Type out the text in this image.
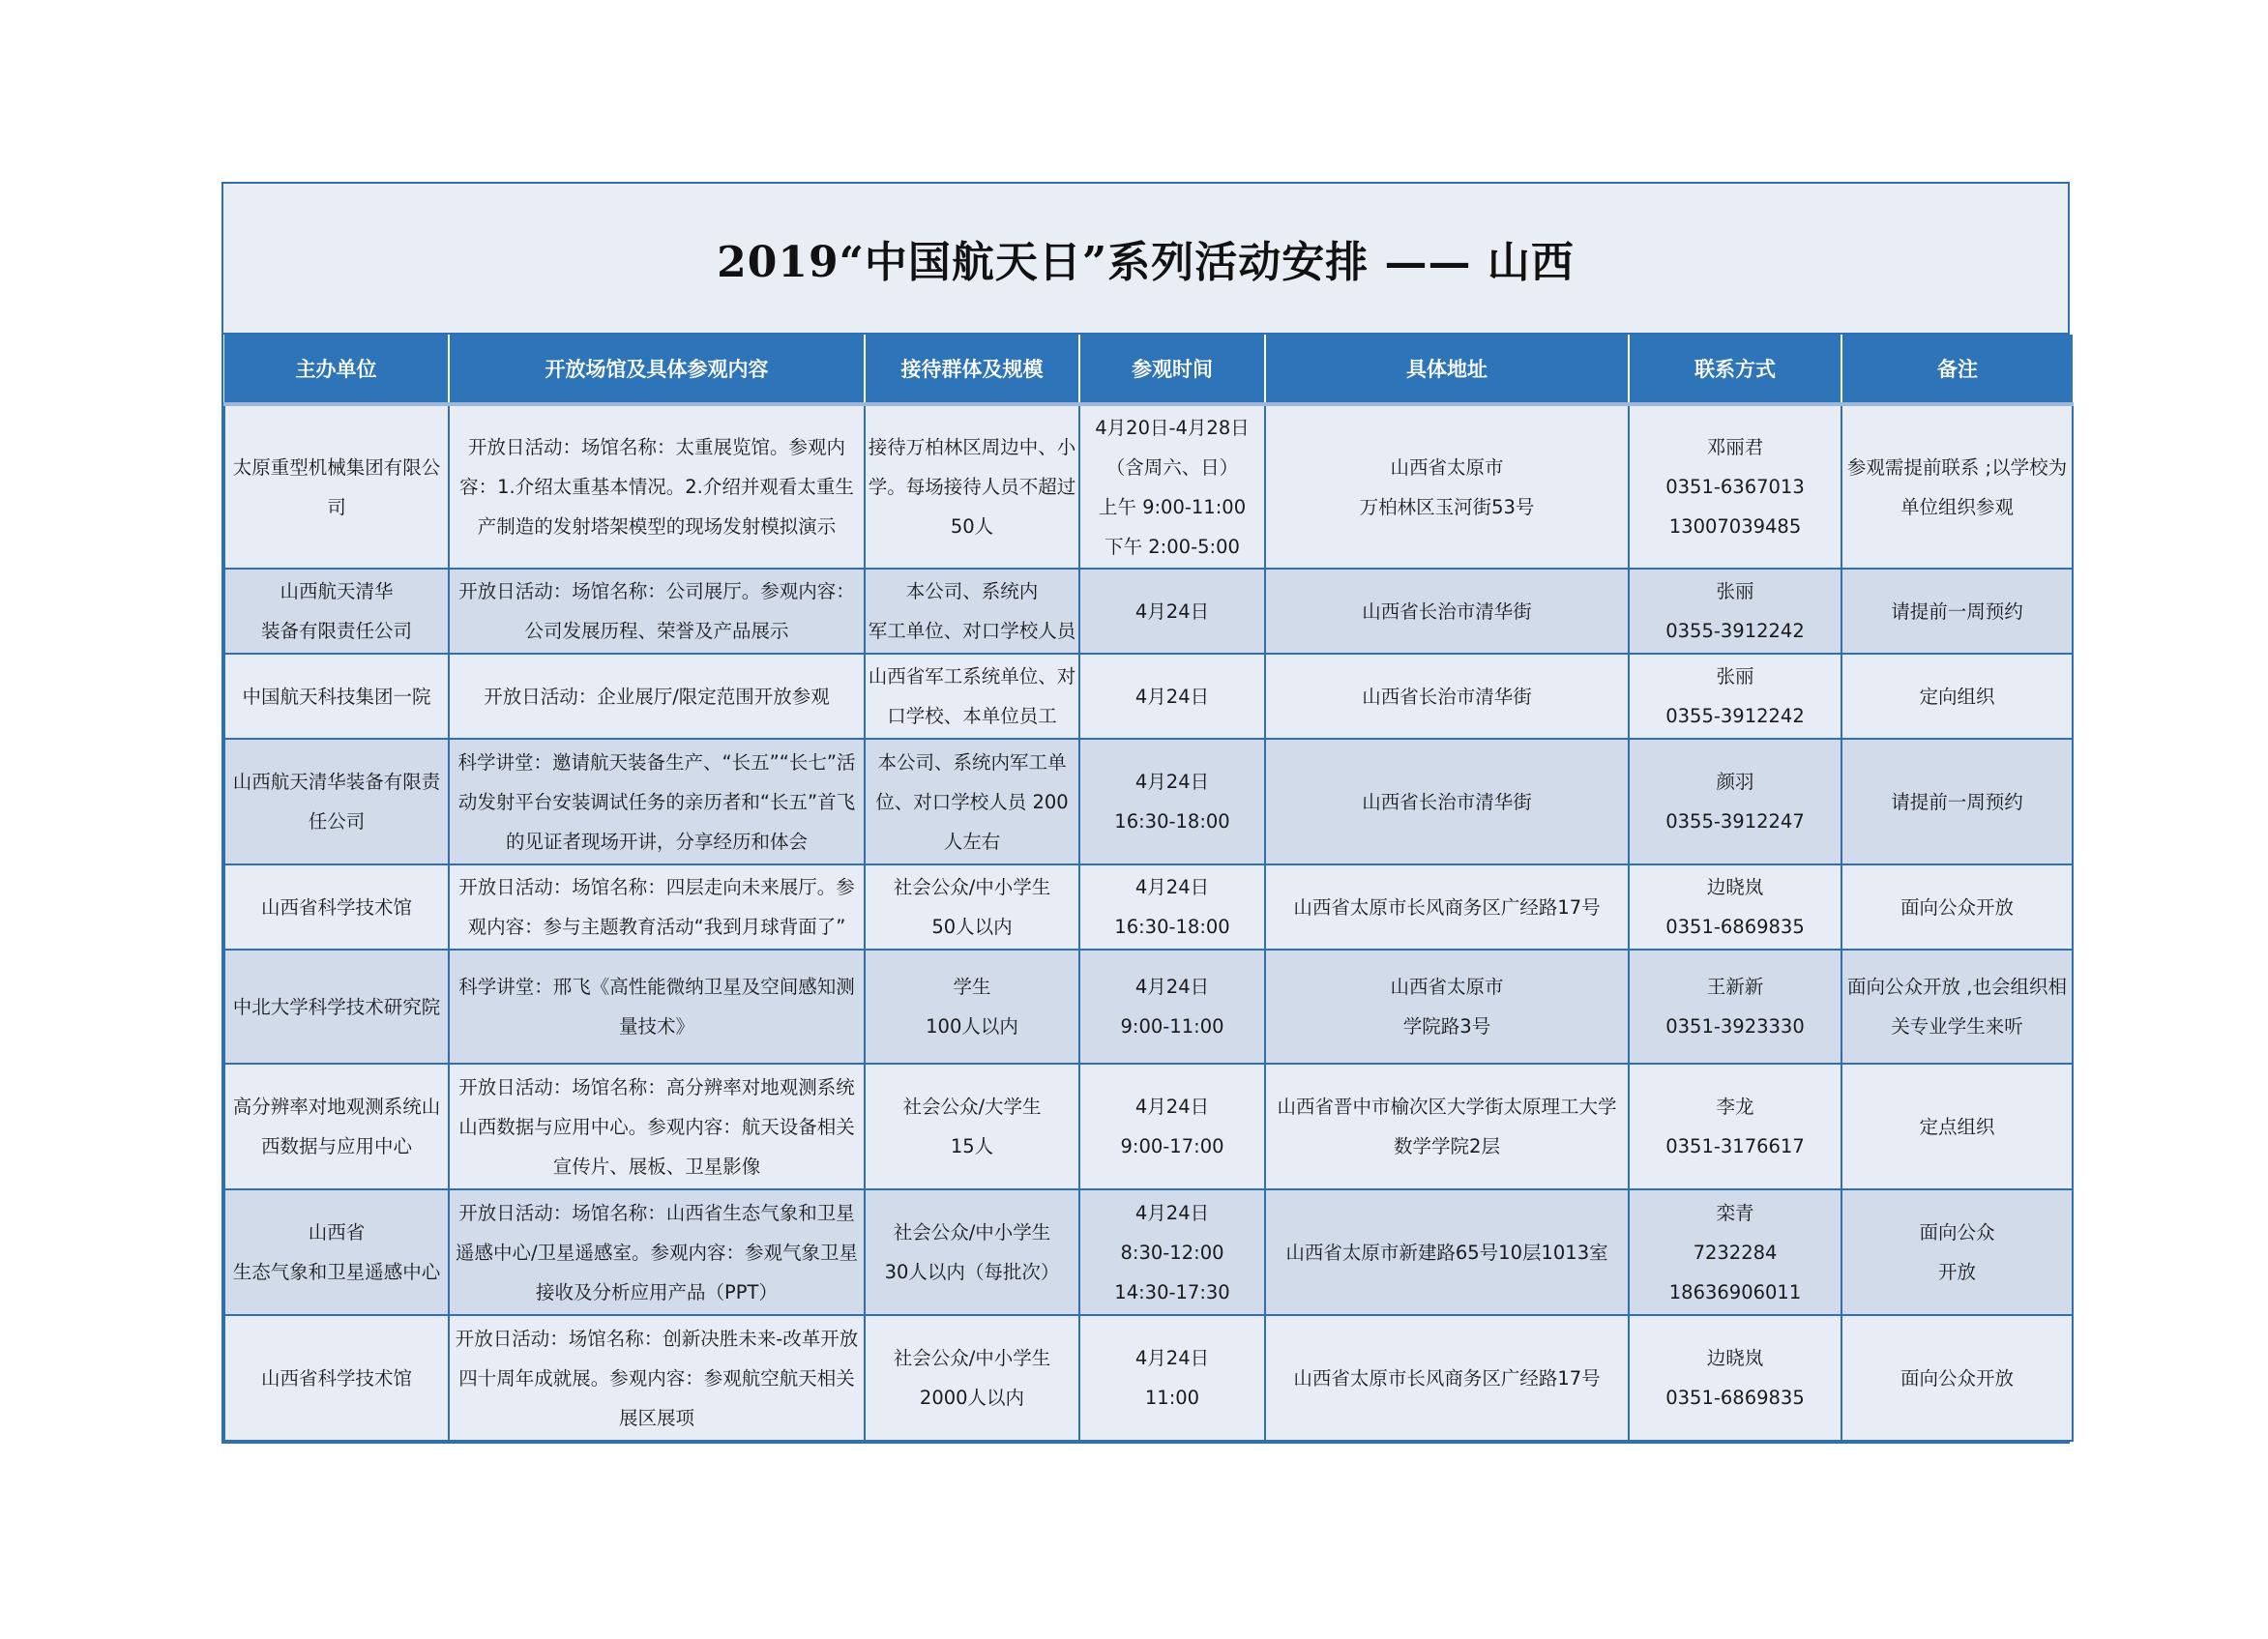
2019“中国航天日”系列活动安排 —— 山西
主办单位	开放场馆及具体参观内容	接待群体及规模	参观时间	具体地址	联系方式	备注

太原重型机械集团有限公司	开放日活动：场馆名称：太重展览馆。参观内容：1.介绍太重基本情况。2.介绍并观看太重生产制造的发射塔架模型的现场发射模拟演示	接待万柏林区周边中、小学。每场接待人员不超过50人	4月20日-4月28日
（含周六、日）
上午 9:00-11:00
下午 2:00-5:00	山西省太原市
万柏林区玉河街53号	邓丽君
0351-6367013
13007039485	参观需提前联系 ;以学校为单位组织参观

山西航天清华
装备有限责任公司	开放日活动：场馆名称：公司展厅。参观内容：公司发展历程、荣誉及产品展示	本公司、系统内
军工单位、对口学校人员	4月24日	山西省长治市清华街	张丽
0355-3912242	请提前一周预约

中国航天科技集团一院	开放日活动：企业展厅/限定范围开放参观	山西省军工系统单位、对口学校、本单位员工	4月24日	山西省长治市清华街	张丽
0355-3912242	定向组织

山西航天清华装备有限责任公司	科学讲堂：邀请航天装备生产、“长五”“长七”活动发射平台安装调试任务的亲历者和“长五”首飞的见证者现场开讲，分享经历和体会	本公司、系统内军工单位、对口学校人员 200人左右	4月24日
16:30-18:00	山西省长治市清华街	颜羽
0355-3912247	请提前一周预约

山西省科学技术馆	开放日活动：场馆名称：四层走向未来展厅。参观内容：参与主题教育活动“我到月球背面了”	社会公众/中小学生
50人以内	4月24日
16:30-18:00	山西省太原市长风商务区广经路17号	边晓岚
0351-6869835	面向公众开放

中北大学科学技术研究院	科学讲堂：邢飞《高性能微纳卫星及空间感知测量技术》	学生
100人以内	4月24日
9:00-11:00	山西省太原市
学院路3号	王新新
0351-3923330	面向公众开放 ,也会组织相关专业学生来听

高分辨率对地观测系统山西数据与应用中心	开放日活动：场馆名称：高分辨率对地观测系统山西数据与应用中心。参观内容：航天设备相关宣传片、展板、卫星影像	社会公众/大学生
15人	4月24日
9:00-17:00	山西省晋中市榆次区大学街太原理工大学数学学院2层	李龙
0351-3176617	定点组织

山西省
生态气象和卫星遥感中心	开放日活动：场馆名称：山西省生态气象和卫星遥感中心/卫星遥感室。参观内容：参观气象卫星接收及分析应用产品（PPT）	社会公众/中小学生
30人以内（每批次）	4月24日
8:30-12:00
14:30-17:30	山西省太原市新建路65号10层1013室	栾青
7232284
18636906011	面向公众
开放

山西省科学技术馆	开放日活动：场馆名称：创新决胜未来-改革开放四十周年成就展。参观内容：参观航空航天相关展区展项	社会公众/中小学生
2000人以内	4月24日
11:00	山西省太原市长风商务区广经路17号	边晓岚
0351-6869835	面向公众开放
